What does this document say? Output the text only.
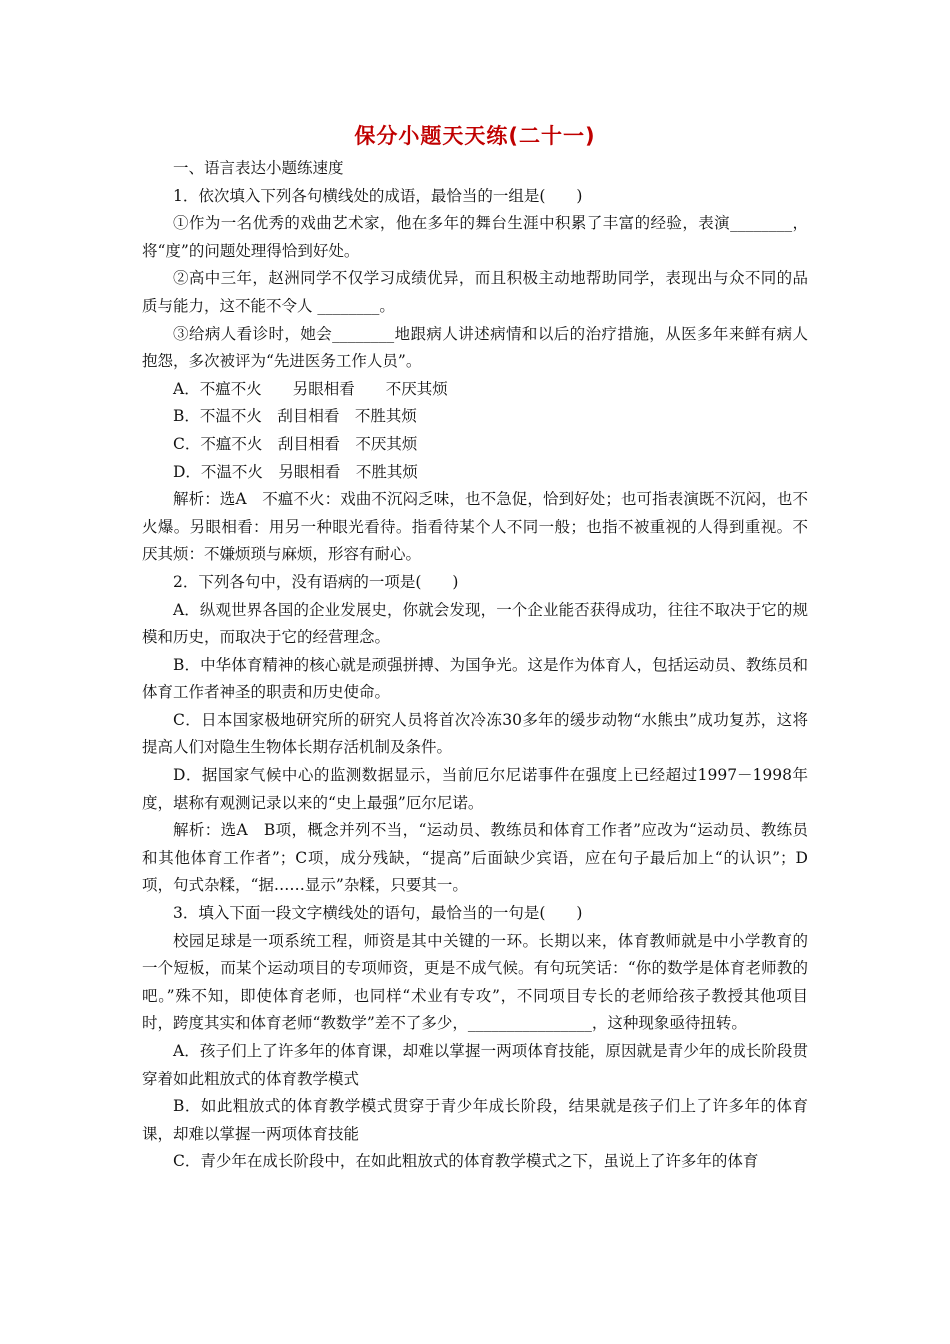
保分小题天天练(二十一)

一、语言表达小题练速度

1．依次填入下列各句横线处的成语，最恰当的一组是(　　)

①作为一名优秀的戏曲艺术家，他在多年的舞台生涯中积累了丰富的经验，表演________，将“度”的问题处理得恰到好处。

②高中三年，赵洲同学不仅学习成绩优异，而且积极主动地帮助同学，表现出与众不同的品质与能力，这不能不令人 ________。

③给病人看诊时，她会________地跟病人讲述病情和以后的治疗措施，从医多年来鲜有病人抱怨，多次被评为“先进医务工作人员”。

A．不瘟不火　　另眼相看　　不厌其烦

B．不温不火　刮目相看　不胜其烦

C．不瘟不火　刮目相看　不厌其烦

D．不温不火　另眼相看　不胜其烦

解析：选A　不瘟不火：戏曲不沉闷乏味，也不急促，恰到好处；也可指表演既不沉闷，也不火爆。另眼相看：用另一种眼光看待。指看待某个人不同一般；也指不被重视的人得到重视。不厌其烦：不嫌烦琐与麻烦，形容有耐心。

2．下列各句中，没有语病的一项是(　　)

A．纵观世界各国的企业发展史，你就会发现，一个企业能否获得成功，往往不取决于它的规模和历史，而取决于它的经营理念。

B．中华体育精神的核心就是顽强拼搏、为国争光。这是作为体育人，包括运动员、教练员和体育工作者神圣的职责和历史使命。

C．日本国家极地研究所的研究人员将首次冷冻30多年的缓步动物“水熊虫”成功复苏，这将提高人们对隐生生物体长期存活机制及条件。

D．据国家气候中心的监测数据显示，当前厄尔尼诺事件在强度上已经超过1997－1998年度，堪称有观测记录以来的“史上最强”厄尔尼诺。

解析：选A　B项，概念并列不当，“运动员、教练员和体育工作者”应改为“运动员、教练员和其他体育工作者”；C项，成分残缺，“提高”后面缺少宾语，应在句子最后加上“的认识”；D项，句式杂糅，“据……显示”杂糅，只要其一。

3．填入下面一段文字横线处的语句，最恰当的一句是(　　)

校园足球是一项系统工程，师资是其中关键的一环。长期以来，体育教师就是中小学教育的一个短板，而某个运动项目的专项师资，更是不成气候。有句玩笑话：“你的数学是体育老师教的吧。”殊不知，即使体育老师，也同样“术业有专攻”，不同项目专长的老师给孩子教授其他项目时，跨度其实和体育老师“教数学”差不了多少，________________，这种现象亟待扭转。

A．孩子们上了许多年的体育课，却难以掌握一两项体育技能，原因就是青少年的成长阶段贯穿着如此粗放式的体育教学模式

B．如此粗放式的体育教学模式贯穿于青少年成长阶段，结果就是孩子们上了许多年的体育课，却难以掌握一两项体育技能

C．青少年在成长阶段中，在如此粗放式的体育教学模式之下，虽说上了许多年的体育
